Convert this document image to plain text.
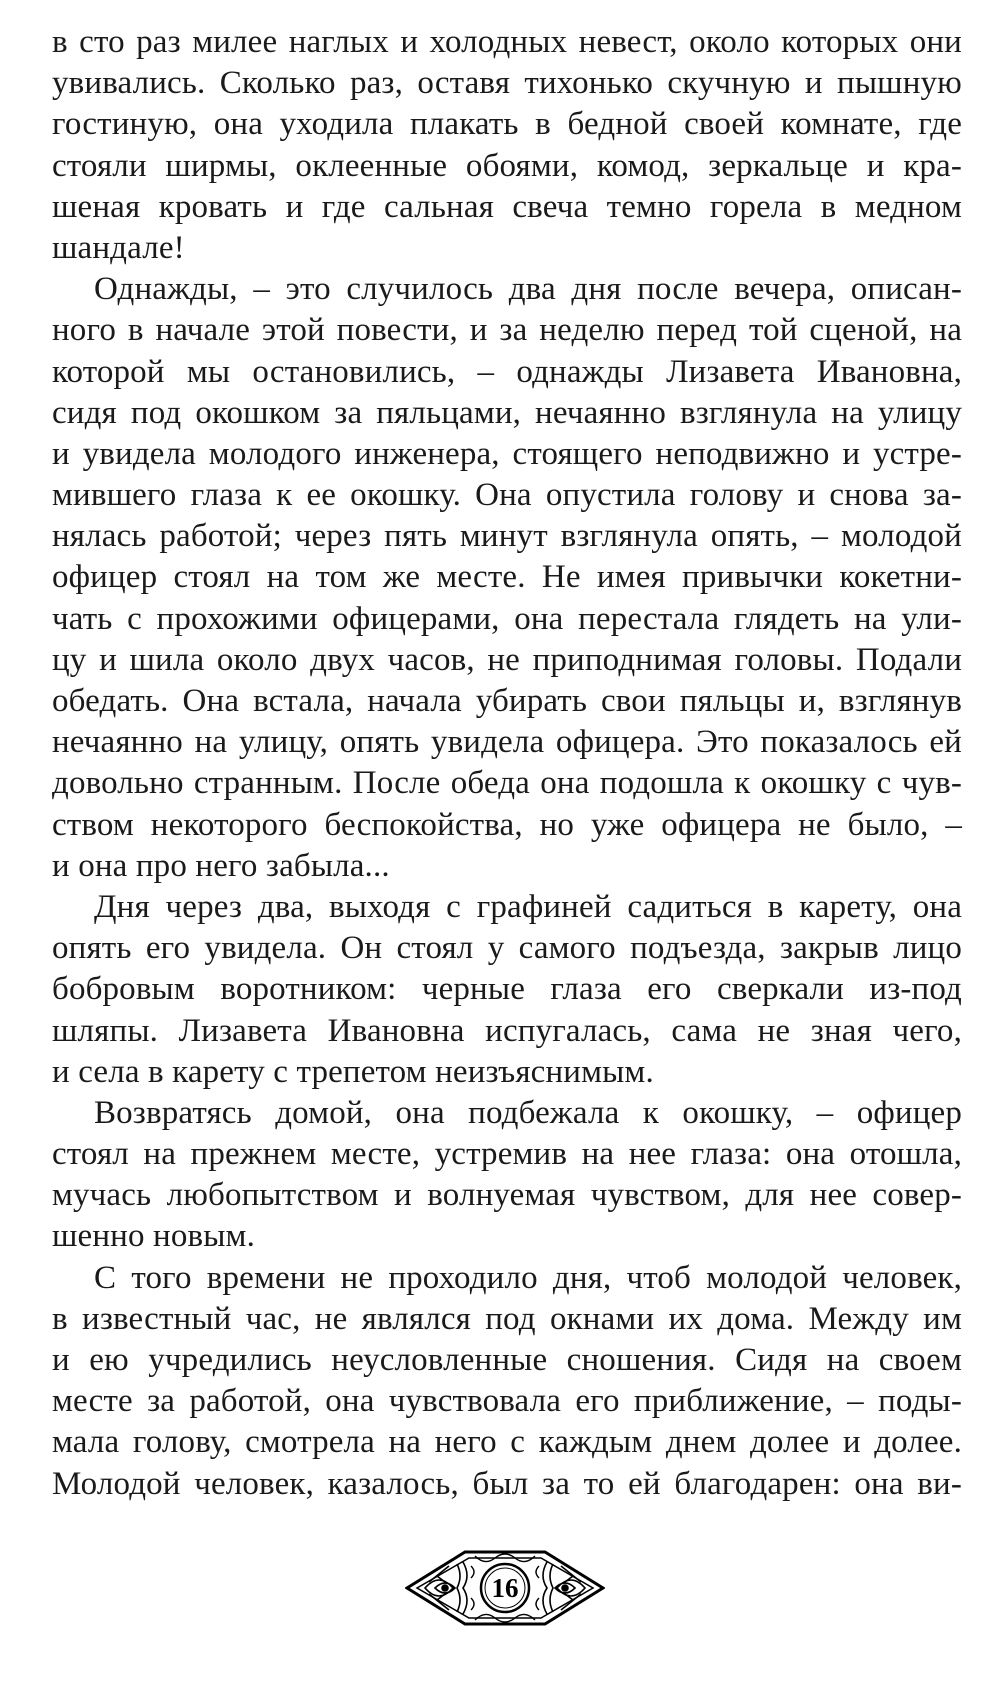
в сто раз милее наглых и холодных невест, около которых они
увивались. Сколько раз, оставя тихонько скучную и пышную
гостиную, она уходила плакать в бедной своей комнате, где
стояли ширмы, оклеенные обоями, комод, зеркальце и кра-
шеная кровать и где сальная свеча темно горела в медном
шандале!
Однажды, – это случилось два дня после вечера, описан-
ного в начале этой повести, и за неделю перед той сценой, на
которой мы остановились, – однажды Лизавета Ивановна,
сидя под окошком за пяльцами, нечаянно взглянула на улицу
и увидела молодого инженера, стоящего неподвижно и устре-
мившего глаза к ее окошку. Она опустила голову и снова за-
нялась работой; через пять минут взглянула опять, – молодой
офицер стоял на том же месте. Не имея привычки кокетни-
чать с прохожими офицерами, она перестала глядеть на ули-
цу и шила около двух часов, не приподнимая головы. Подали
обедать. Она встала, начала убирать свои пяльцы и, взглянув
нечаянно на улицу, опять увидела офицера. Это показалось ей
довольно странным. После обеда она подошла к окошку с чув-
ством некоторого беспокойства, но уже офицера не было, –
и она про него забыла...
Дня через два, выходя с графиней садиться в карету, она
опять его увидела. Он стоял у самого подъезда, закрыв лицо
бобровым воротником: черные глаза его сверкали из-под
шляпы. Лизавета Ивановна испугалась, сама не зная чего,
и села в карету с трепетом неизъяснимым.
Возвратясь домой, она подбежала к окошку, – офицер
стоял на прежнем месте, устремив на нее глаза: она отошла,
мучась любопытством и волнуемая чувством, для нее совер-
шенно новым.
С того времени не проходило дня, чтоб молодой человек,
в известный час, не являлся под окнами их дома. Между им
и ею учредились неусловленные сношения. Сидя на своем
месте за работой, она чувствовала его приближение, – поды-
мала голову, смотрела на него с каждым днем долее и долее.
Молодой человек, казалось, был за то ей благодарен: она ви-
16
